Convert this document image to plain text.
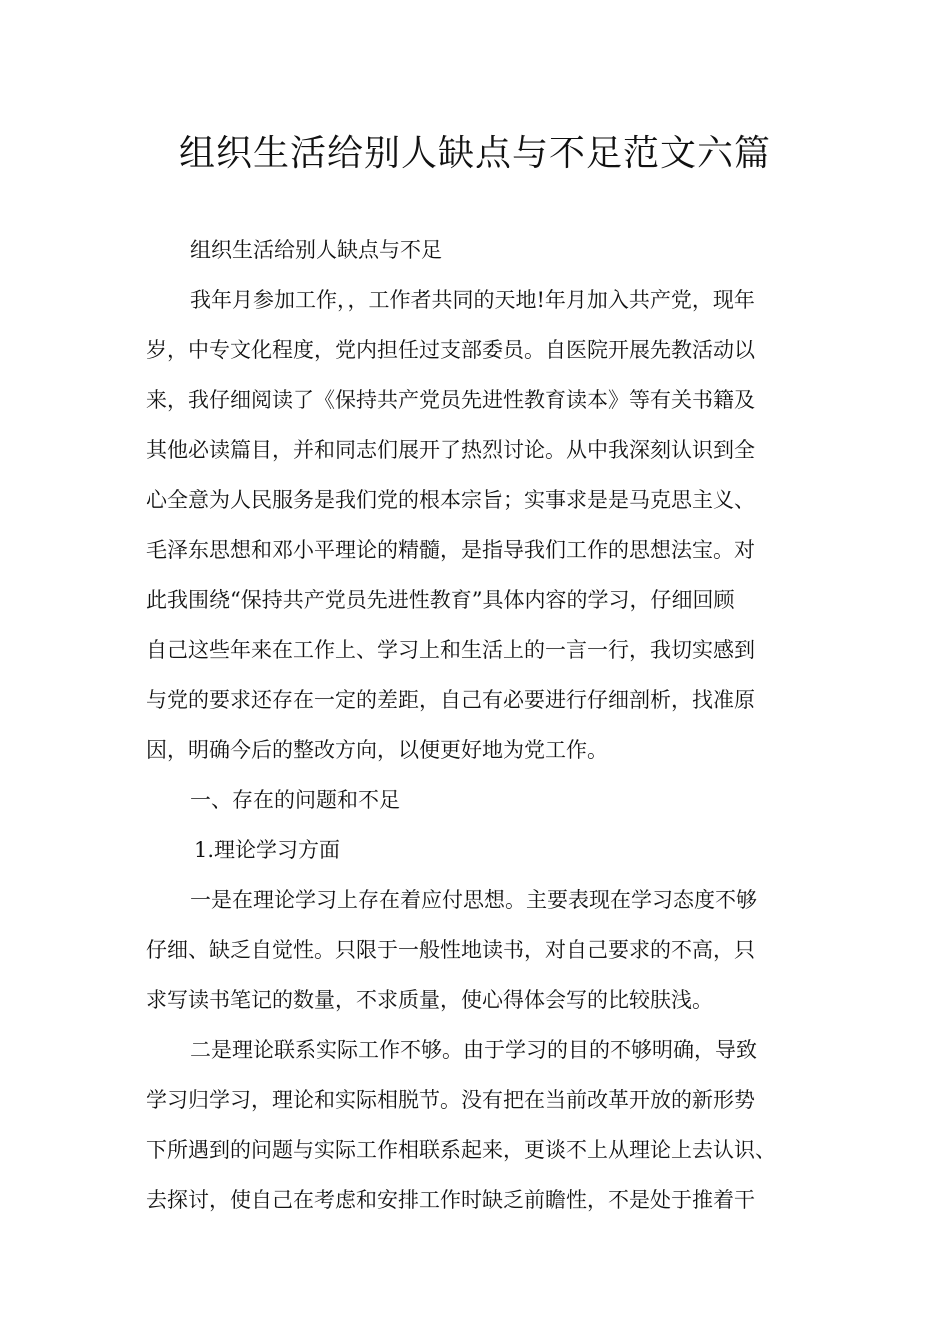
组织生活给别人缺点与不足范文六篇
组织生活给别人缺点与不足
我年月参加工作，，工作者共同的天地!年月加入共产党，现年
岁，中专文化程度，党内担任过支部委员。自医院开展先教活动以
来，我仔细阅读了《保持共产党员先进性教育读本》等有关书籍及
其他必读篇目，并和同志们展开了热烈讨论。从中我深刻认识到全
心全意为人民服务是我们党的根本宗旨；实事求是是马克思主义、
毛泽东思想和邓小平理论的精髓，是指导我们工作的思想法宝。对
此我围绕“保持共产党员先进性教育”具体内容的学习，仔细回顾
自己这些年来在工作上、学习上和生活上的一言一行，我切实感到
与党的要求还存在一定的差距，自己有必要进行仔细剖析，找准原
因，明确今后的整改方向，以便更好地为党工作。
一、存在的问题和不足
1.理论学习方面
一是在理论学习上存在着应付思想。主要表现在学习态度不够
仔细、缺乏自觉性。只限于一般性地读书，对自己要求的不高，只
求写读书笔记的数量，不求质量，使心得体会写的比较肤浅。
二是理论联系实际工作不够。由于学习的目的不够明确，导致
学习归学习，理论和实际相脱节。没有把在当前改革开放的新形势
下所遇到的问题与实际工作相联系起来，更谈不上从理论上去认识、
去探讨，使自己在考虑和安排工作时缺乏前瞻性，不是处于推着干
